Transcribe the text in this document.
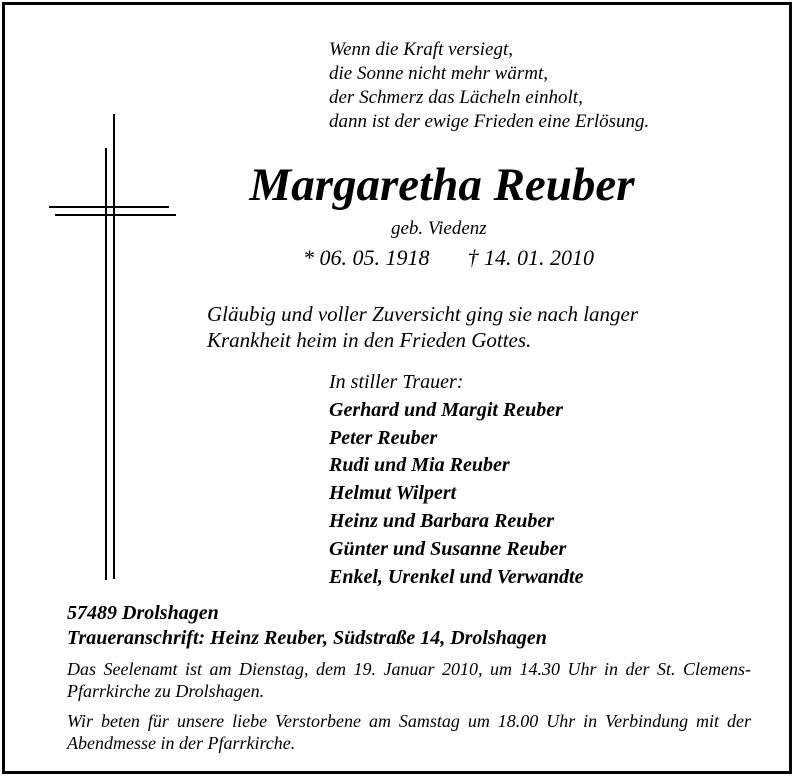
Wenn die Kraft versiegt,
die Sonne nicht mehr wärmt,
der Schmerz das Lächeln einholt,
dann ist der ewige Frieden eine Erlösung.
Margaretha Reuber
geb. Viedenz
* 06. 05. 1918 † 14. 01. 2010
Gläubig und voller Zuversicht ging sie nach langer
Krankheit heim in den Frieden Gottes.
In stiller Trauer:
Gerhard und Margit Reuber
Peter Reuber
Rudi und Mia Reuber
Helmut Wilpert
Heinz und Barbara Reuber
Günter und Susanne Reuber
Enkel, Urenkel und Verwandte
57489 Drolshagen
Traueranschrift: Heinz Reuber, Südstraße 14, Drolshagen
Das Seelenamt ist am Dienstag, dem 19. Januar 2010, um 14.30 Uhr in der St. Clemens-Pfarrkirche zu Drolshagen.
Wir beten für unsere liebe Verstorbene am Samstag um 18.00 Uhr in Verbindung mit der Abendmesse in der Pfarrkirche.
